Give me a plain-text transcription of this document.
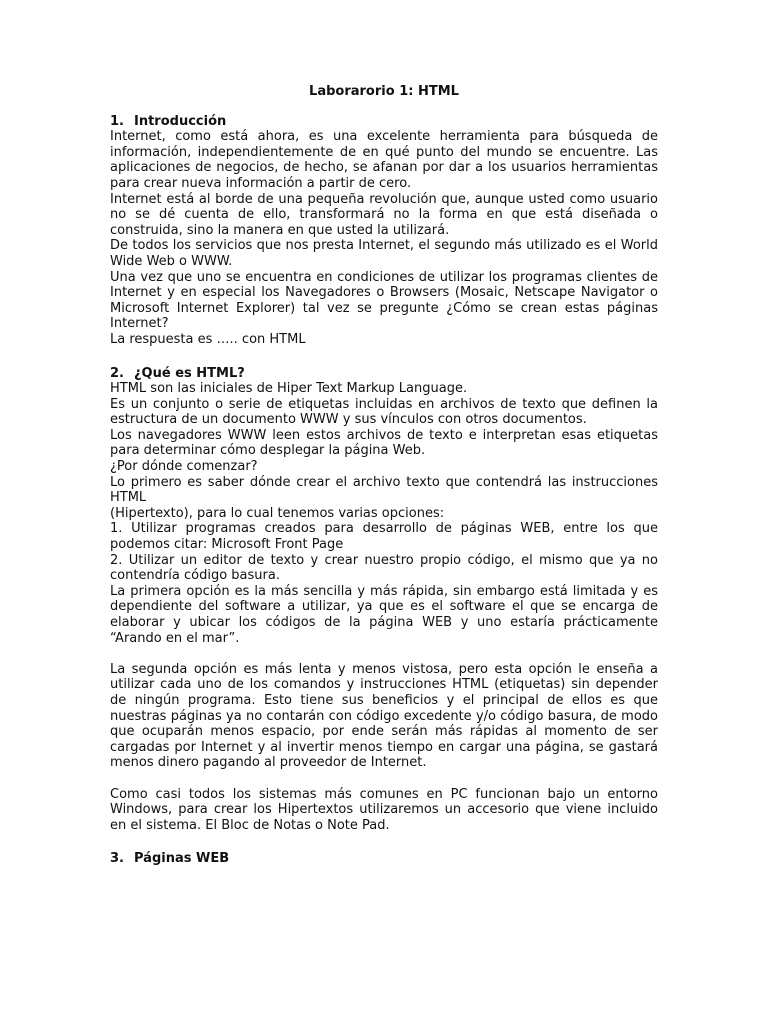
Laborarorio 1: HTML
1. Introducción

Internet, como está ahora, es una excelente herramienta para búsqueda de información, independientemente de en qué punto del mundo se encuentre. Las aplicaciones de negocios, de hecho, se afanan por dar a los usuarios herramientas para crear nueva información a partir de cero.

Internet está al borde de una pequeña revolución que, aunque usted como usuario no se dé cuenta de ello, transformará no la forma en que está diseñada o construida, sino la manera en que usted la utilizará.

De todos los servicios que nos presta Internet, el segundo más utilizado es el World Wide Web o WWW.

Una vez que uno se encuentra en condiciones de utilizar los programas clientes de Internet y en especial los Navegadores o Browsers (Mosaic, Netscape Navigator o Microsoft Internet Explorer) tal vez se pregunte ¿Cómo se crean estas páginas Internet?

La respuesta es ….. con HTML

2. ¿Qué es HTML?

HTML son las iniciales de Hiper Text Markup Language.

Es un conjunto o serie de etiquetas incluidas en archivos de texto que definen la estructura de un documento WWW y sus vínculos con otros documentos.

Los navegadores WWW leen estos archivos de texto e interpretan esas etiquetas para determinar cómo desplegar la página Web.

¿Por dónde comenzar?

Lo primero es saber dónde crear el archivo texto que contendrá las instrucciones HTML

(Hipertexto), para lo cual tenemos varias opciones:

1. Utilizar programas creados para desarrollo de páginas WEB, entre los que podemos citar: Microsoft Front Page

2. Utilizar un editor de texto y crear nuestro propio código, el mismo que ya no contendría código basura.

La primera opción es la más sencilla y más rápida, sin embargo está limitada y es dependiente del software a utilizar, ya que es el software el que se encarga de elaborar y ubicar los códigos de la página WEB y uno estaría prácticamente “Arando en el mar”.

La segunda opción es más lenta y menos vistosa, pero esta opción le enseña a utilizar cada uno de los comandos y instrucciones HTML (etiquetas) sin depender de ningún programa. Esto tiene sus beneficios y el principal de ellos es que nuestras páginas ya no contarán con código excedente y/o código basura, de modo que ocuparán menos espacio, por ende serán más rápidas al momento de ser cargadas por Internet y al invertir menos tiempo en cargar una página, se gastará menos dinero pagando al proveedor de Internet.

Como casi todos los sistemas más comunes en PC funcionan bajo un entorno Windows, para crear los Hipertextos utilizaremos un accesorio que viene incluido en el sistema. El Bloc de Notas o Note Pad.

3. Páginas WEB
